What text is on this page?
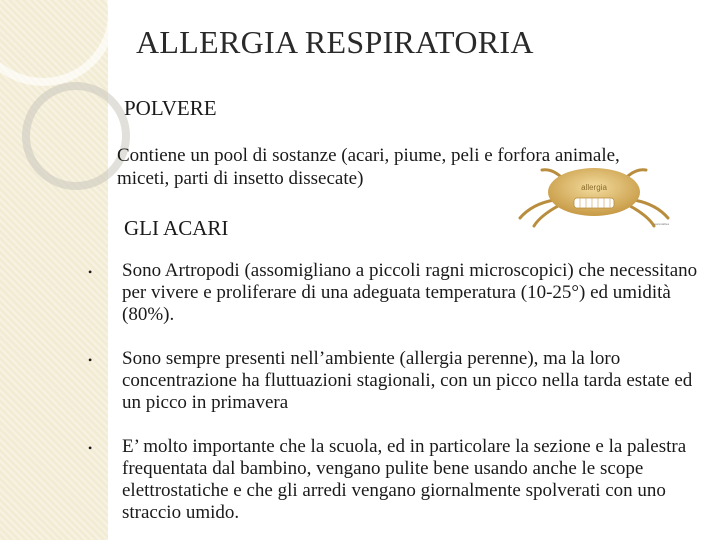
ALLERGIA RESPIRATORIA
POLVERE
Contiene un pool di sostanze (acari, piume, peli e forfora animale, miceti, parti di insetto dissecate)	allergia
www.tables
GLI ACARI
• Sono Artropodi (assomigliano a piccoli ragni microscopici) che necessitano per vivere e proliferare di una adeguata temperatura (10-25°) ed umidità (80%).
• Sono sempre presenti nell’ambiente (allergia perenne), ma la loro concentrazione ha fluttuazioni stagionali, con un picco nella tarda estate ed un picco in primavera
• E’ molto importante che la scuola, ed in particolare la sezione e la palestra frequentata dal bambino, vengano pulite bene usando anche le scope elettrostatiche e che gli arredi vengano giornalmente spolverati con uno straccio umido.
